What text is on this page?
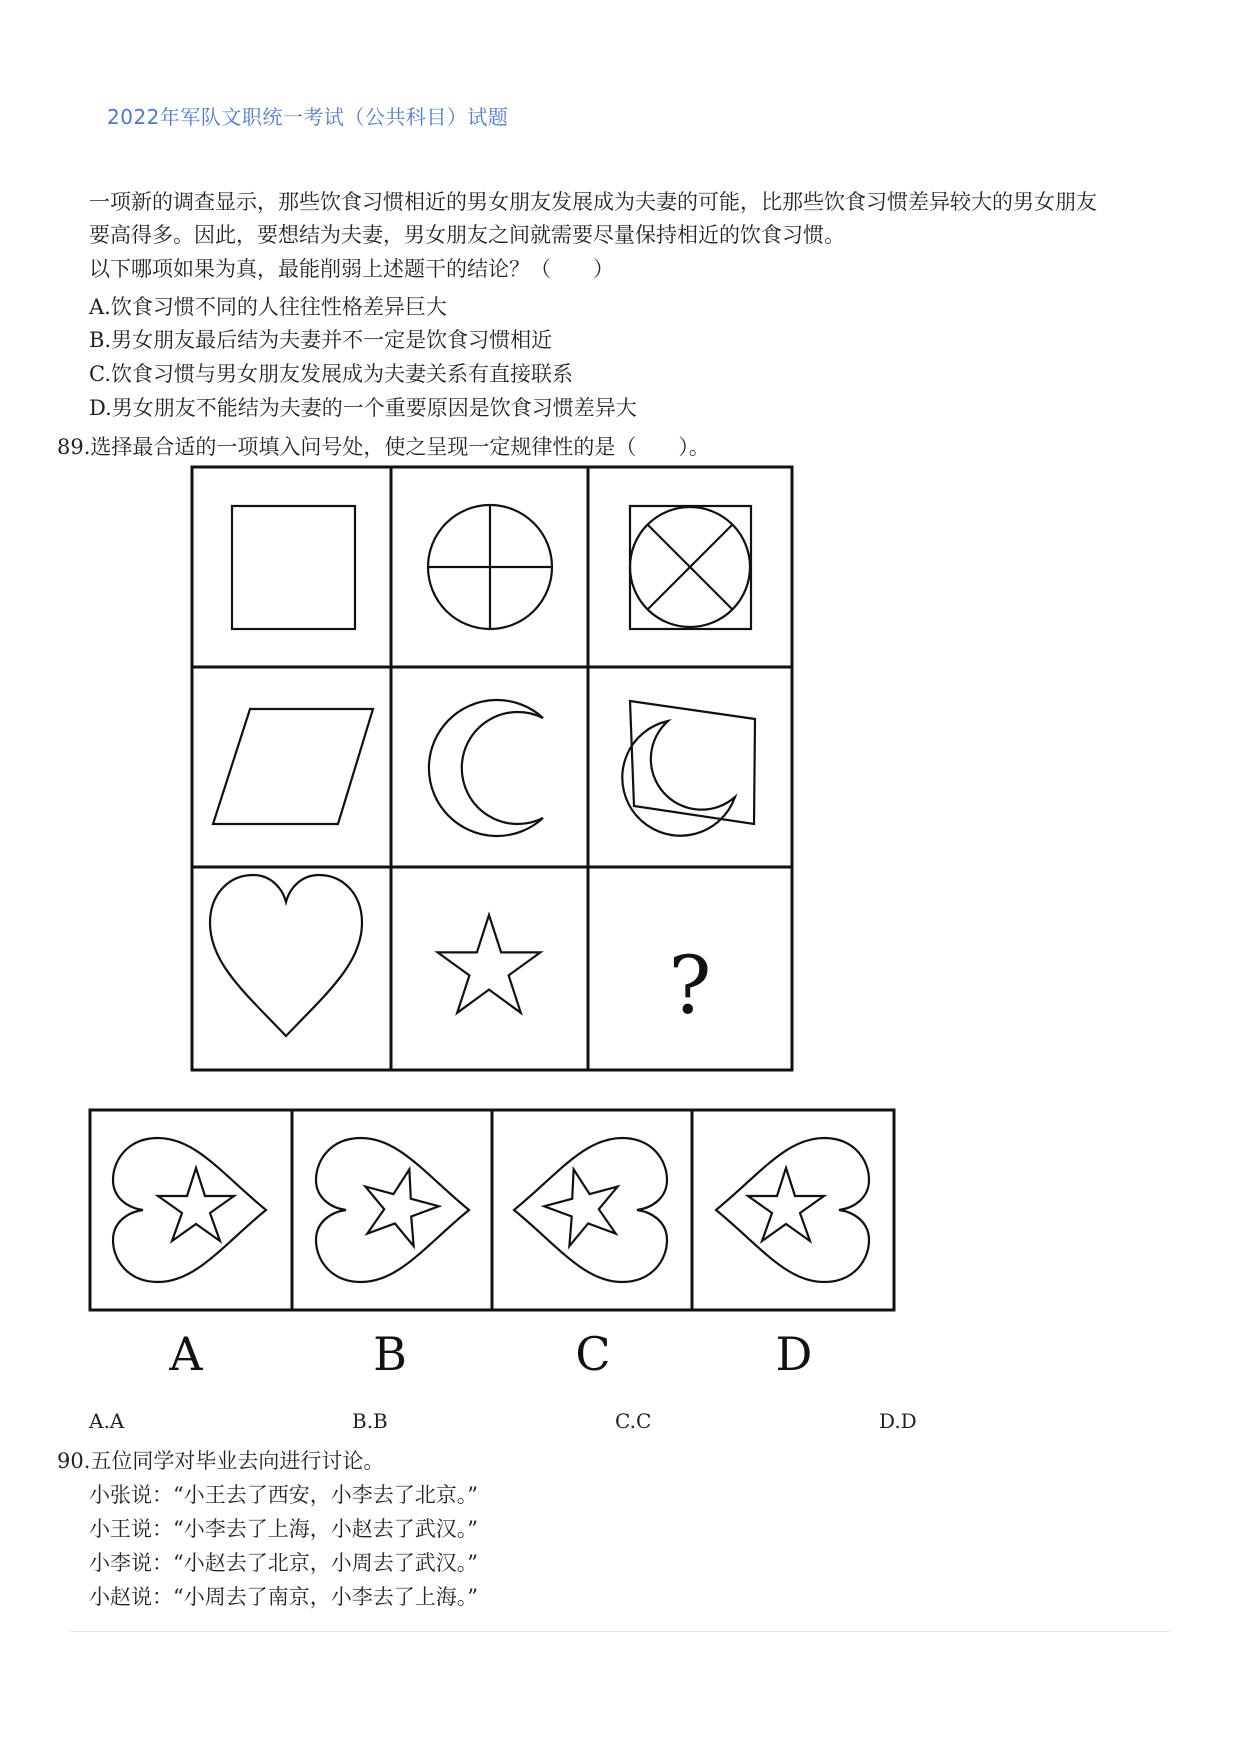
2022年军队文职统一考试（公共科目）试题
一项新的调查显示，那些饮食习惯相近的男女朋友发展成为夫妻的可能，比那些饮食习惯差异较大的男女朋友
要高得多。因此，要想结为夫妻，男女朋友之间就需要尽量保持相近的饮食习惯。
以下哪项如果为真，最能削弱上述题干的结论？（　　）
A.饮食习惯不同的人往往性格差异巨大
B.男女朋友最后结为夫妻并不一定是饮食习惯相近
C.饮食习惯与男女朋友发展成为夫妻关系有直接联系
D.男女朋友不能结为夫妻的一个重要原因是饮食习惯差异大
89.选择最合适的一项填入问号处，使之呈现一定规律性的是（　　）。
?
A	B	C	D
A.A	B.B	C.C	D.D
90.五位同学对毕业去向进行讨论。
小张说：“小王去了西安，小李去了北京。”
小王说：“小李去了上海，小赵去了武汉。”
小李说：“小赵去了北京，小周去了武汉。”
小赵说：“小周去了南京，小李去了上海。”
